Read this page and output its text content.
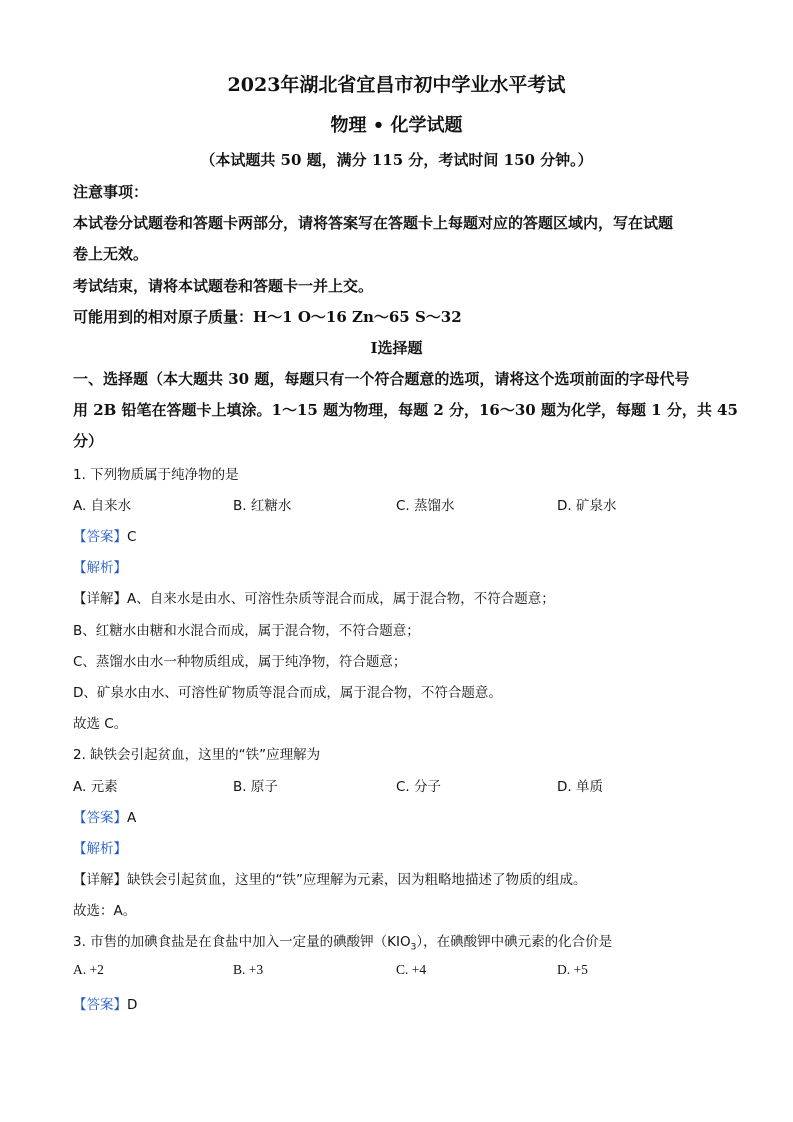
2023年湖北省宜昌市初中学业水平考试
物理 • 化学试题
（本试题共 50 题，满分 115 分，考试时间 150 分钟。）
注意事项：
本试卷分试题卷和答题卡两部分，请将答案写在答题卡上每题对应的答题区域内，写在试题
卷上无效。
考试结束，请将本试题卷和答题卡一并上交。
可能用到的相对原子质量：H～1 O～16 Zn～65 S～32
Ⅰ选择题
一、选择题（本大题共 30 题，每题只有一个符合题意的选项，请将这个选项前面的字母代号
用 2B 铅笔在答题卡上填涂。1～15 题为物理，每题 2 分，16～30 题为化学，每题 1 分，共 45
分）
1. 下列物质属于纯净物的是
A. 自来水	B. 红糖水	C. 蒸馏水	D. 矿泉水
【答案】C
【解析】
【详解】A、自来水是由水、可溶性杂质等混合而成，属于混合物，不符合题意；
B、红糖水由糖和水混合而成，属于混合物，不符合题意；
C、蒸馏水由水一种物质组成，属于纯净物，符合题意；
D、矿泉水由水、可溶性矿物质等混合而成，属于混合物，不符合题意。
故选 C。
2. 缺铁会引起贫血，这里的“铁”应理解为
A. 元素	B. 原子	C. 分子	D. 单质
【答案】A
【解析】
【详解】缺铁会引起贫血，这里的“铁”应理解为元素，因为粗略地描述了物质的组成。
故选：A。
3. 市售的加碘食盐是在食盐中加入一定量的碘酸钾$(KIO_3)$，在碘酸钾中碘元素的化合价是
A. +2	B. +3	C. +4	D. +5
【答案】D
